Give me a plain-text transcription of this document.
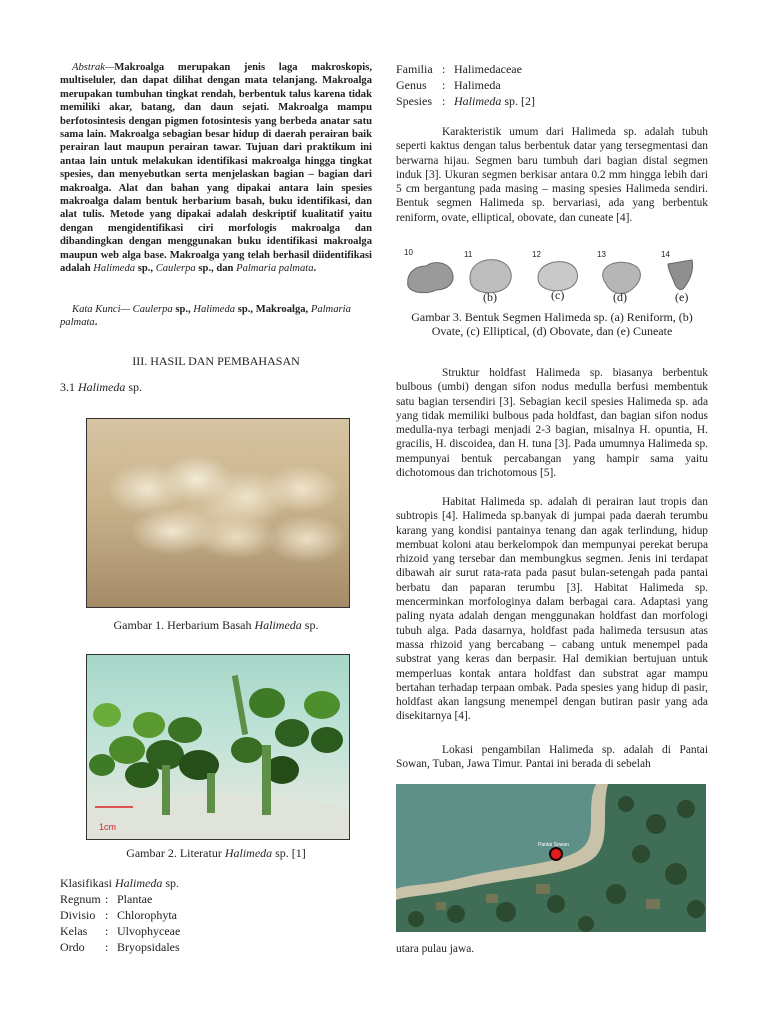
Abstrak—Makroalga merupakan jenis laga makroskopis, multiseluler, dan dapat dilihat dengan mata telanjang. Makroalga merupakan tumbuhan tingkat rendah, berbentuk talus karena tidak memiliki akar, batang, dan daun sejati. Makroalga mampu berfotosintesis dengan pigmen fotosintesis yang berbeda anatar satu sama lain. Makroalga sebagian besar hidup di daerah perairan baik perairan laut maupun perairan tawar. Tujuan dari praktikum ini antaa lain untuk melakukan identifikasi makroalga hingga tingkat spesies, dan menyebutkan serta menjelaskan bagian – bagian dari makroalga. Alat dan bahan yang dipakai antara lain spesies makroalga dalam bentuk herbarium basah, buku identifikasi, dan alat tulis. Metode yang dipakai adalah deskriptif kualitatif yaitu dengan mengidentifikasi ciri morfologis makroalga dan dibandingkan dengan menggunakan buku identifikasi makroalga maupun web alga base. Makroalga yang telah berhasil diidentifikasi adalah Halimeda sp., Caulerpa sp., dan Palmaria palmata.

Kata Kunci— Caulerpa sp., Halimeda sp., Makroalga, Palmaria palmata.

III. HASIL DAN PEMBAHASAN
3.1 Halimeda sp.
Gambar 1. Herbarium Basah Halimeda sp.
1cm
Gambar 2. Literatur Halimeda sp. [1]
Klasifikasi Halimeda sp.
Regnum : Plantae
Divisio : Chlorophyta
Kelas : Ulvophyceae
Ordo : Bryopsidales
Familia : Halimedaceae
Genus : Halimeda
Spesies : Halimeda sp. [2]

Karakteristik umum dari Halimeda sp. adalah tubuh seperti kaktus dengan talus berbentuk datar yang tersegmentasi dan berwarna hijau. Segmen baru tumbuh dari bagian distal segmen induk [3]. Ukuran segmen berkisar antara 0.2 mm hingga lebih dari 5 cm bergantung pada masing – masing spesies Halimeda sendiri. Bentuk segmen Halimeda sp. bervariasi, ada yang berbentuk reniform, ovate, elliptical, obovate, dan cuneate [4].

10	11	12	13	14
(b)	(c)	(d)	(e)
Gambar 3. Bentuk Segmen Halimeda sp. (a) Reniform, (b) Ovate, (c) Elliptical, (d) Obovate, dan (e) Cuneate

Struktur holdfast Halimeda sp. biasanya berbentuk bulbous (umbi) dengan sifon nodus medulla berfusi membentuk satu bagian tersendiri [3]. Sebagian kecil spesies Halimeda sp. ada yang tidak memiliki bulbous pada holdfast, dan bagian sifon nodus medulla-nya terbagi menjadi 2-3 bagian, misalnya H. opuntia, H. gracilis, H. discoidea, dan H. tuna [3]. Pada umumnya Halimeda sp. mempunyai bentuk percabangan yang hampir sama yaitu dichotomous dan trichotomous [5].

Habitat Halimeda sp. adalah di perairan laut tropis dan subtropis [4]. Halimeda sp.banyak di jumpai pada daerah terumbu karang yang kondisi pantainya tenang dan agak terlindung, hidup membuat koloni atau berkelompok dan mempunyai perekat berupa rhizoid yang tersebar dan membungkus segmen. Jenis ini terdapat dibawah air surut rata-rata pada pasut bulan-setengah pada pantai berbatu dan paparan terumbu [3]. Habitat Halimeda sp. mencerminkan morfologinya dalam berbagai cara. Adaptasi yang paling nyata adalah dengan menggunakan holdfast dan morfologi tubuh alga. Pada dasarnya, holdfast pada halimeda tersusun atas massa rhizoid yang bercabang – cabang untuk menempel pada substrat yang keras dan berpasir. Hal demikian bertujuan untuk memperluas kontak antara holdfast dan substrat agar mampu bertahan terhadap terpaan ombak. Pada spesies yang hidup di pasir, holdfast akan langsung menempel dengan butiran pasir yang ada disekitarnya [4].

Lokasi pengambilan Halimeda sp. adalah di Pantai Sowan, Tuban, Jawa Timur. Pantai ini berada di sebelah

Pantai Sowan

utara pulau jawa.
